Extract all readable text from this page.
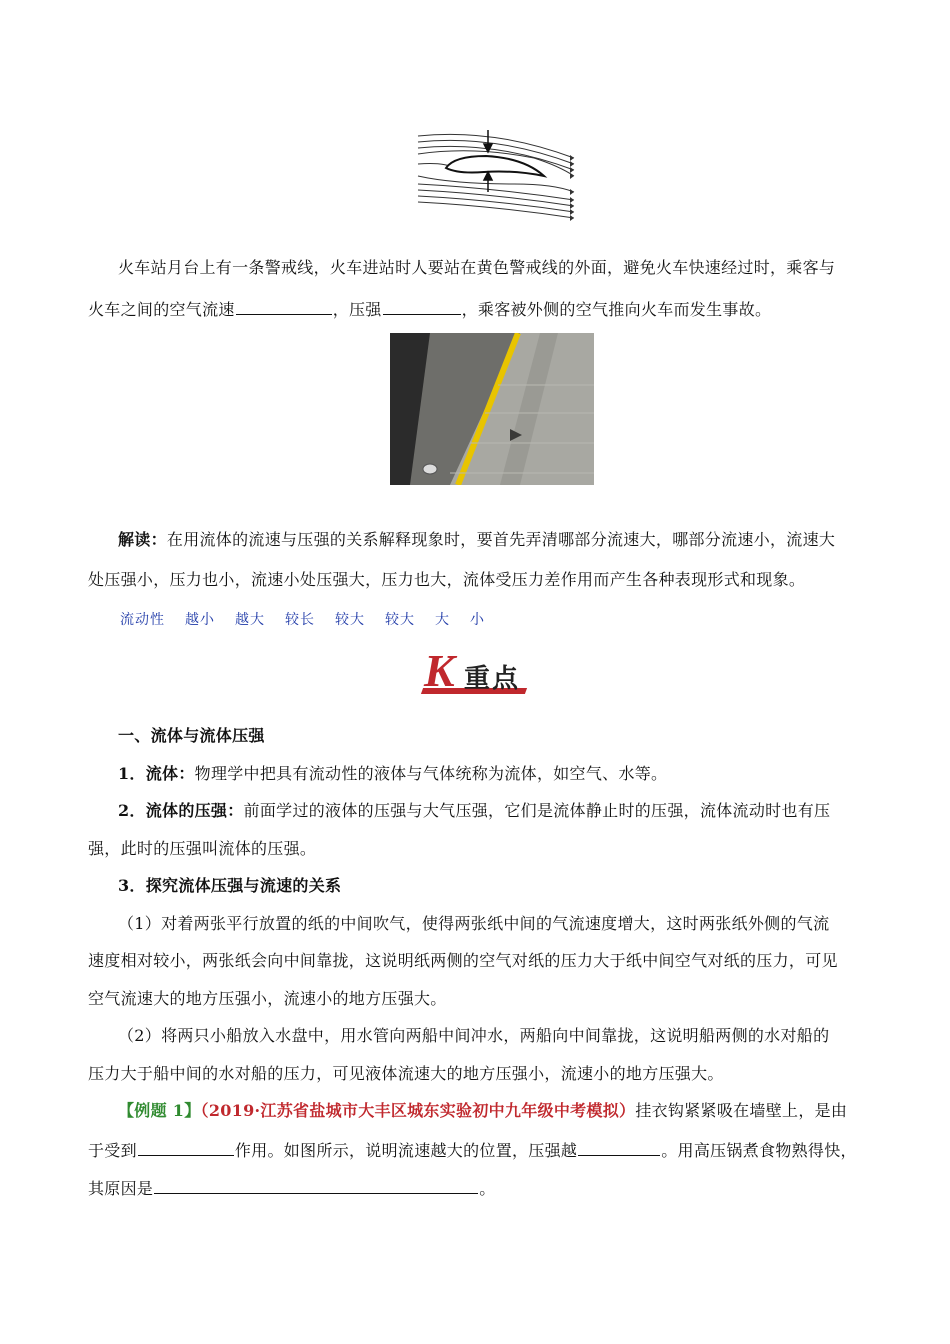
火车站月台上有一条警戒线，火车进站时人要站在黄色警戒线的外面，避免火车快速经过时，乘客与
火车之间的空气流速	，压强	，乘客被外侧的空气推向火车而发生事故。
解读：在用流体的流速与压强的关系解释现象时，要首先弄清哪部分流速大，哪部分流速小，流速大
处压强小，压力也小，流速小处压强大，压力也大，流体受压力差作用而产生各种表现形式和现象。
流动性 越小 越大 较长 较大 较大 大 小
K 重点
一、流体与流体压强
1．流体：物理学中把具有流动性的液体与气体统称为流体，如空气、水等。
2．流体的压强：前面学过的液体的压强与大气压强，它们是流体静止时的压强，流体流动时也有压
强，此时的压强叫流体的压强。
3．探究流体压强与流速的关系
（1）对着两张平行放置的纸的中间吹气，使得两张纸中间的气流速度增大，这时两张纸外侧的气流
速度相对较小，两张纸会向中间靠拢，这说明纸两侧的空气对纸的压力大于纸中间空气对纸的压力，可见
空气流速大的地方压强小，流速小的地方压强大。
（2）将两只小船放入水盘中，用水管向两船中间冲水，两船向中间靠拢，这说明船两侧的水对船的
压力大于船中间的水对船的压力，可见液体流速大的地方压强小，流速小的地方压强大。
【例题 1】（2019·江苏省盐城市大丰区城东实验初中九年级中考模拟）挂衣钩紧紧吸在墙壁上，是由
于受到	作用。如图所示，说明流速越大的位置，压强越	。用高压锅煮食物熟得快，
其原因是	。
